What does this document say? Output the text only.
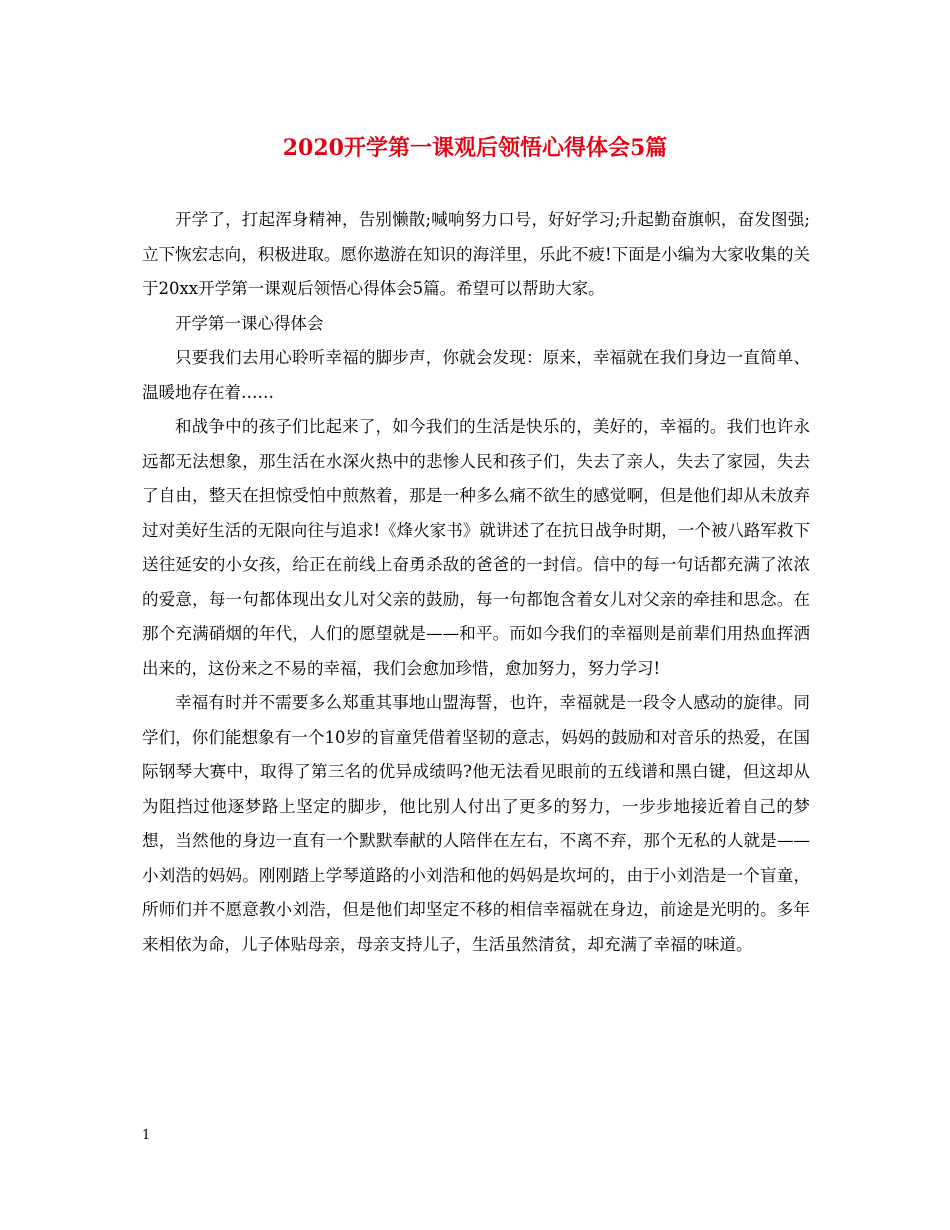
2020开学第一课观后领悟心得体会5篇

开学了，打起浑身精神，告别懒散;喊响努力口号，好好学习;升起勤奋旗帜，奋发图强;立下恢宏志向，积极进取。愿你遨游在知识的海洋里，乐此不疲!下面是小编为大家收集的关于20xx开学第一课观后领悟心得体会5篇。希望可以帮助大家。

开学第一课心得体会

只要我们去用心聆听幸福的脚步声，你就会发现：原来，幸福就在我们身边一直简单、温暖地存在着……

和战争中的孩子们比起来了，如今我们的生活是快乐的，美好的，幸福的。我们也许永远都无法想象，那生活在水深火热中的悲惨人民和孩子们，失去了亲人，失去了家园，失去了自由，整天在担惊受怕中煎熬着，那是一种多么痛不欲生的感觉啊，但是他们却从未放弃过对美好生活的无限向往与追求!《烽火家书》就讲述了在抗日战争时期，一个被八路军救下送往延安的小女孩，给正在前线上奋勇杀敌的爸爸的一封信。信中的每一句话都充满了浓浓的爱意，每一句都体现出女儿对父亲的鼓励，每一句都饱含着女儿对父亲的牵挂和思念。在那个充满硝烟的年代，人们的愿望就是——和平。而如今我们的幸福则是前辈们用热血挥洒出来的，这份来之不易的幸福，我们会愈加珍惜，愈加努力，努力学习!

幸福有时并不需要多么郑重其事地山盟海誓，也许，幸福就是一段令人感动的旋律。同学们，你们能想象有一个10岁的盲童凭借着坚韧的意志，妈妈的鼓励和对音乐的热爱，在国际钢琴大赛中，取得了第三名的优异成绩吗?他无法看见眼前的五线谱和黑白键，但这却从为阻挡过他逐梦路上坚定的脚步，他比别人付出了更多的努力，一步步地接近着自己的梦想，当然他的身边一直有一个默默奉献的人陪伴在左右，不离不弃，那个无私的人就是——小刘浩的妈妈。刚刚踏上学琴道路的小刘浩和他的妈妈是坎坷的，由于小刘浩是一个盲童，所师们并不愿意教小刘浩，但是他们却坚定不移的相信幸福就在身边，前途是光明的。多年来相依为命，儿子体贴母亲，母亲支持儿子，生活虽然清贫，却充满了幸福的味道。

1
